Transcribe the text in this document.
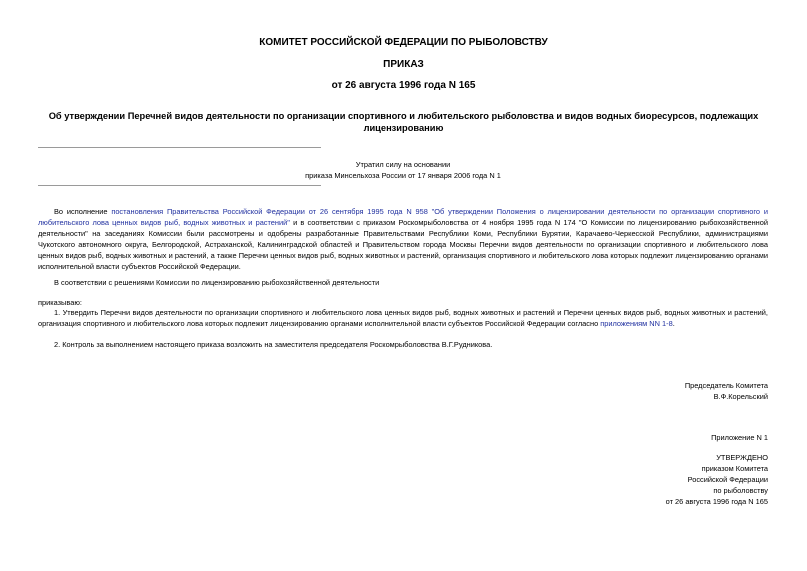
КОМИТЕТ РОССИЙСКОЙ ФЕДЕРАЦИИ ПО РЫБОЛОВСТВУ
ПРИКАЗ
от 26 августа 1996 года N 165
Об утверждении Перечней видов деятельности по организации спортивного и любительского рыболовства и видов водных биоресурсов, подлежащих
лицензированию
Утратил силу на основании
приказа Минсельхоза России от 17 января 2006 года N 1
Во исполнение постановления Правительства Российской Федерации от 26 сентября 1995 года N 958 "Об утверждении Положения о лицензировании деятельности по организации спортивного и любительского лова ценных видов рыб, водных животных и растений" и в соответствии с приказом Роскомрыболовства от 4 ноября 1995 года N 174 "О Комиссии по лицензированию рыбохозяйственной деятельности" на заседаниях Комиссии были рассмотрены и одобрены разработанные Правительствами Республики Коми, Республики Бурятии, Карачаево-Черкесской Республики, администрациями Чукотского автономного округа, Белгородской, Астраханской, Калининградской областей и Правительством города Москвы Перечни видов деятельности по организации спортивного и любительского лова ценных видов рыб, водных животных и растений, а также Перечни ценных видов рыб, водных животных и растений, организация спортивного и любительского лова которых подлежит лицензированию органами исполнительной власти субъектов Российской Федерации.
В соответствии с решениями Комиссии по лицензированию рыбохозяйственной деятельности
приказываю:
1. Утвердить Перечни видов деятельности по организации спортивного и любительского лова ценных видов рыб, водных животных и растений и Перечни ценных видов рыб, водных животных и растений, организация спортивного и любительского лова которых подлежит лицензированию органами исполнительной власти субъектов Российской Федерации согласно приложениям NN 1-8.
2. Контроль за выполнением настоящего приказа возложить на заместителя председателя Роскомрыболовства В.Г.Рудникова.
Председатель Комитета
В.Ф.Корельский
Приложение N 1
УТВЕРЖДЕНО
приказом Комитета
Российской Федерации
по рыболовству
от 26 августа 1996 года N 165
